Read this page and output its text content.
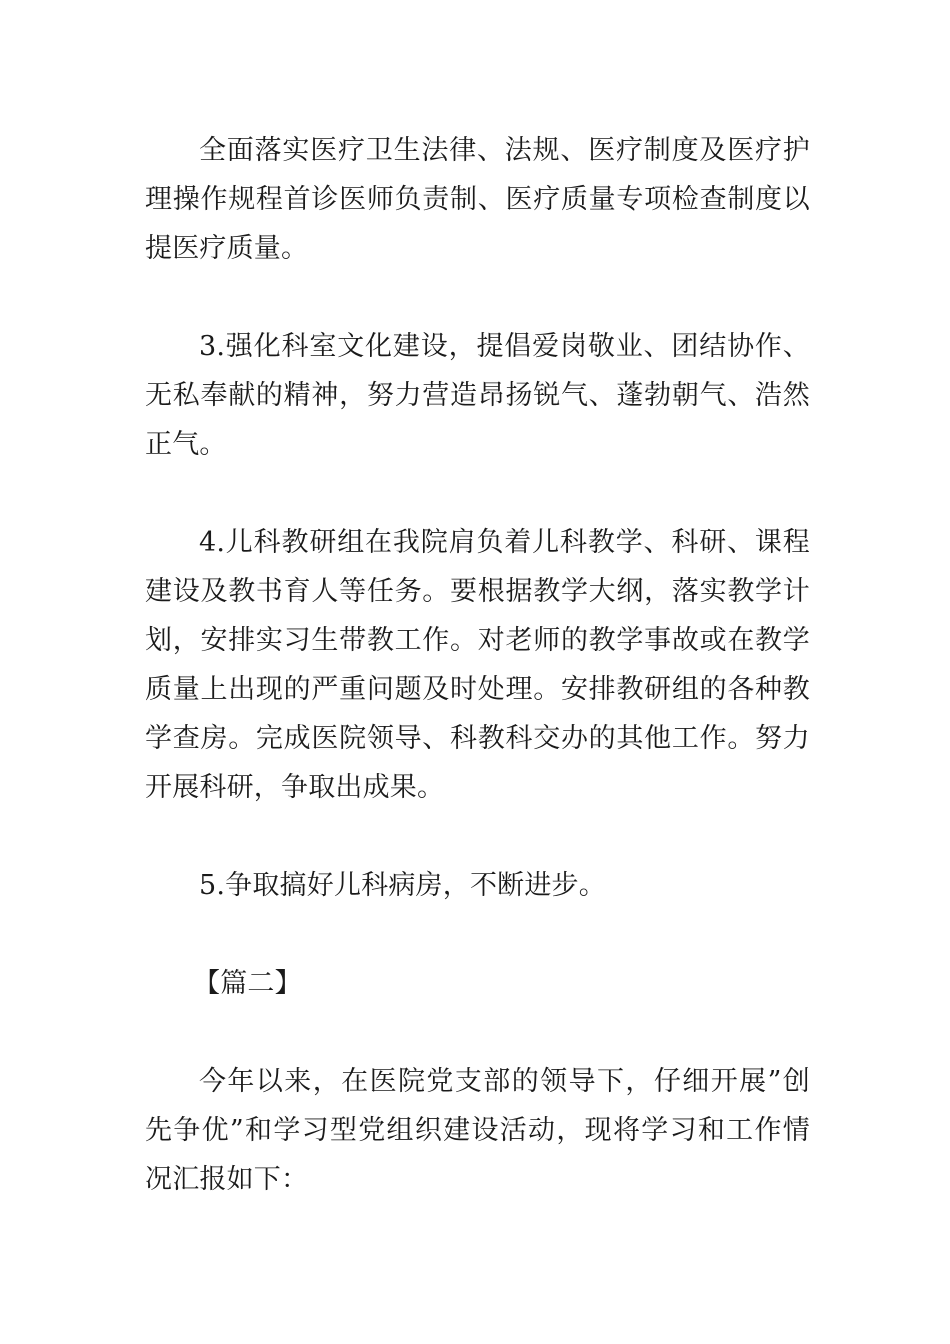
全面落实医疗卫生法律、法规、医疗制度及医疗护理操作规程首诊医师负责制、医疗质量专项检查制度以提医疗质量。

3.强化科室文化建设，提倡爱岗敬业、团结协作、无私奉献的精神，努力营造昂扬锐气、蓬勃朝气、浩然正气。

4.儿科教研组在我院肩负着儿科教学、科研、课程建设及教书育人等任务。要根据教学大纲，落实教学计划，安排实习生带教工作。对老师的教学事故或在教学质量上出现的严重问题及时处理。安排教研组的各种教学查房。完成医院领导、科教科交办的其他工作。努力开展科研，争取出成果。

5.争取搞好儿科病房，不断进步。

【篇二】

今年以来，在医院党支部的领导下，仔细开展”创先争优”和学习型党组织建设活动，现将学习和工作情况汇报如下：
